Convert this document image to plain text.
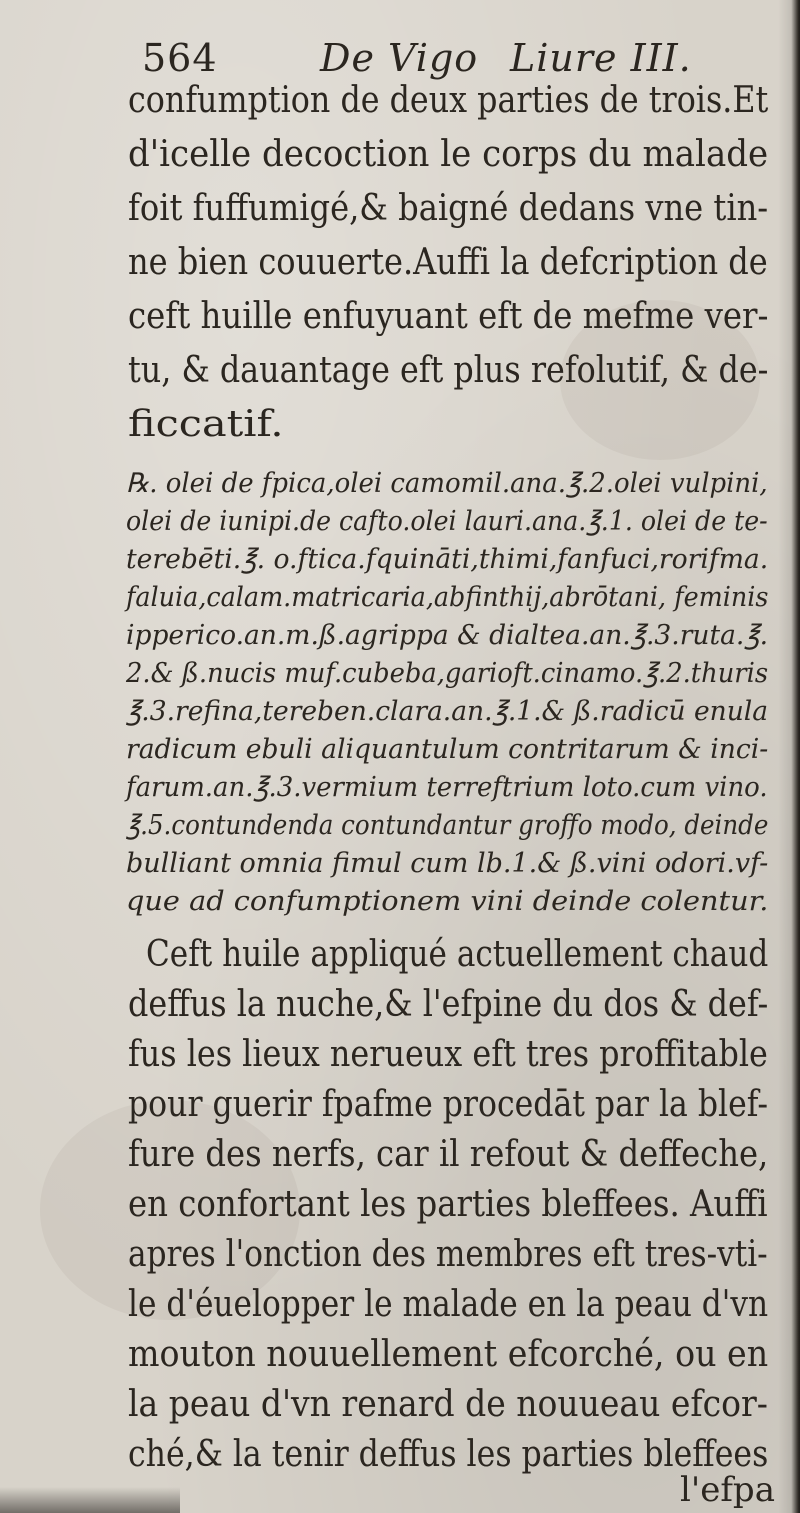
564	De Vigo Liure III.
confumption de deux parties de trois.Et
d'icelle decoction le corps du malade
foit fuffumigé,& baigné dedans vne tin-
ne bien couuerte.Auffi la defcription de
ceft huille enfuyuant eft de mefme ver-
tu, & dauantage eft plus refolutif, & de-
ficcatif.
℞. olei de fpica,olei camomil.ana.℥.2.olei vulpini,
olei de iunipi.de cafto.olei lauri.ana.℥.1. olei de te-
terebēti.℥. o.ftica.fquināti,thimi,fanfuci,rorifma.
faluia,calam.matricaria,abfinthij,abrōtani, feminis
ipperico.an.m.ß.agrippa & dialtea.an.℥.3.ruta.℥.
2.& ß.nucis muf.cubeba,garioft.cinamo.℥.2.thuris
℥.3.refina,tereben.clara.an.℥.1.& ß.radicū enula
radicum ebuli aliquantulum contritarum & inci-
farum.an.℥.3.vermium terreftrium loto.cum vino.
℥.5.contundenda contundantur groffo modo, deinde
bulliant omnia fimul cum lb.1.& ß.vini odori.vf-
que ad confumptionem vini deinde colentur.
Ceft huile appliqué actuellement chaud
deffus la nuche,& l'efpine du dos & def-
fus les lieux nerueux eft tres proffitable
pour guerir fpafme procedāt par la blef-
fure des nerfs, car il refout & deffeche,
en confortant les parties bleffees. Auffi
apres l'onction des membres eft tres-vti-
le d'éuelopper le malade en la peau d'vn
mouton nouuellement efcorché, ou en
la peau d'vn renard de nouueau efcor-
ché,& la tenir deffus les parties bleffees
l'efpa
